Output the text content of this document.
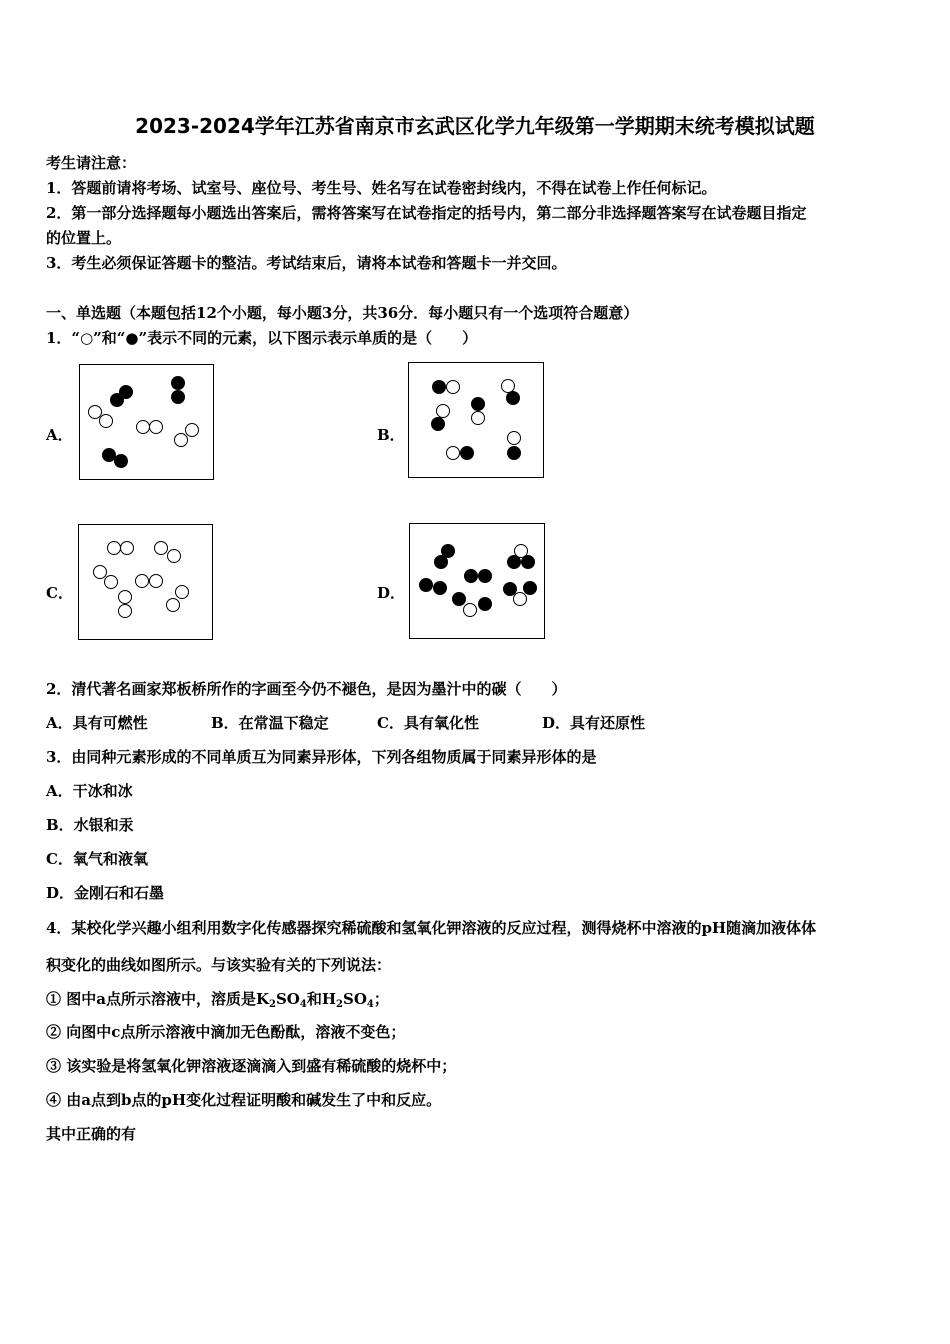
2023-2024学年江苏省南京市玄武区化学九年级第一学期期末统考模拟试题
考生请注意：
1．答题前请将考场、试室号、座位号、考生号、姓名写在试卷密封线内，不得在试卷上作任何标记。
2．第一部分选择题每小题选出答案后，需将答案写在试卷指定的括号内，第二部分非选择题答案写在试卷题目指定
的位置上。
3．考生必须保证答题卡的整洁。考试结束后，请将本试卷和答题卡一并交回。
一、单选题（本题包括12个小题，每小题3分，共36分．每小题只有一个选项符合题意）
1．“○”和“●”表示不同的元素，以下图示表示单质的是（　　）
A．	B．
C．	D．
2．清代著名画家郑板桥所作的字画至今仍不褪色，是因为墨汁中的碳（　　）
A．具有可燃性	B．在常温下稳定	C．具有氧化性	D．具有还原性
3．由同种元素形成的不同单质互为同素异形体，下列各组物质属于同素异形体的是
A．干冰和冰
B．水银和汞
C．氧气和液氧
D．金刚石和石墨
4．某校化学兴趣小组利用数字化传感器探究稀硫酸和氢氧化钾溶液的反应过程，测得烧杯中溶液的pH随滴加液体体
积变化的曲线如图所示。与该实验有关的下列说法：
① 图中a点所示溶液中，溶质是$K_2SO_4$和$H_2SO_4$；
② 向图中c点所示溶液中滴加无色酚酞，溶液不变色；
③ 该实验是将氢氧化钾溶液逐滴滴入到盛有稀硫酸的烧杯中；
④ 由a点到b点的pH变化过程证明酸和碱发生了中和反应。
其中正确的有
